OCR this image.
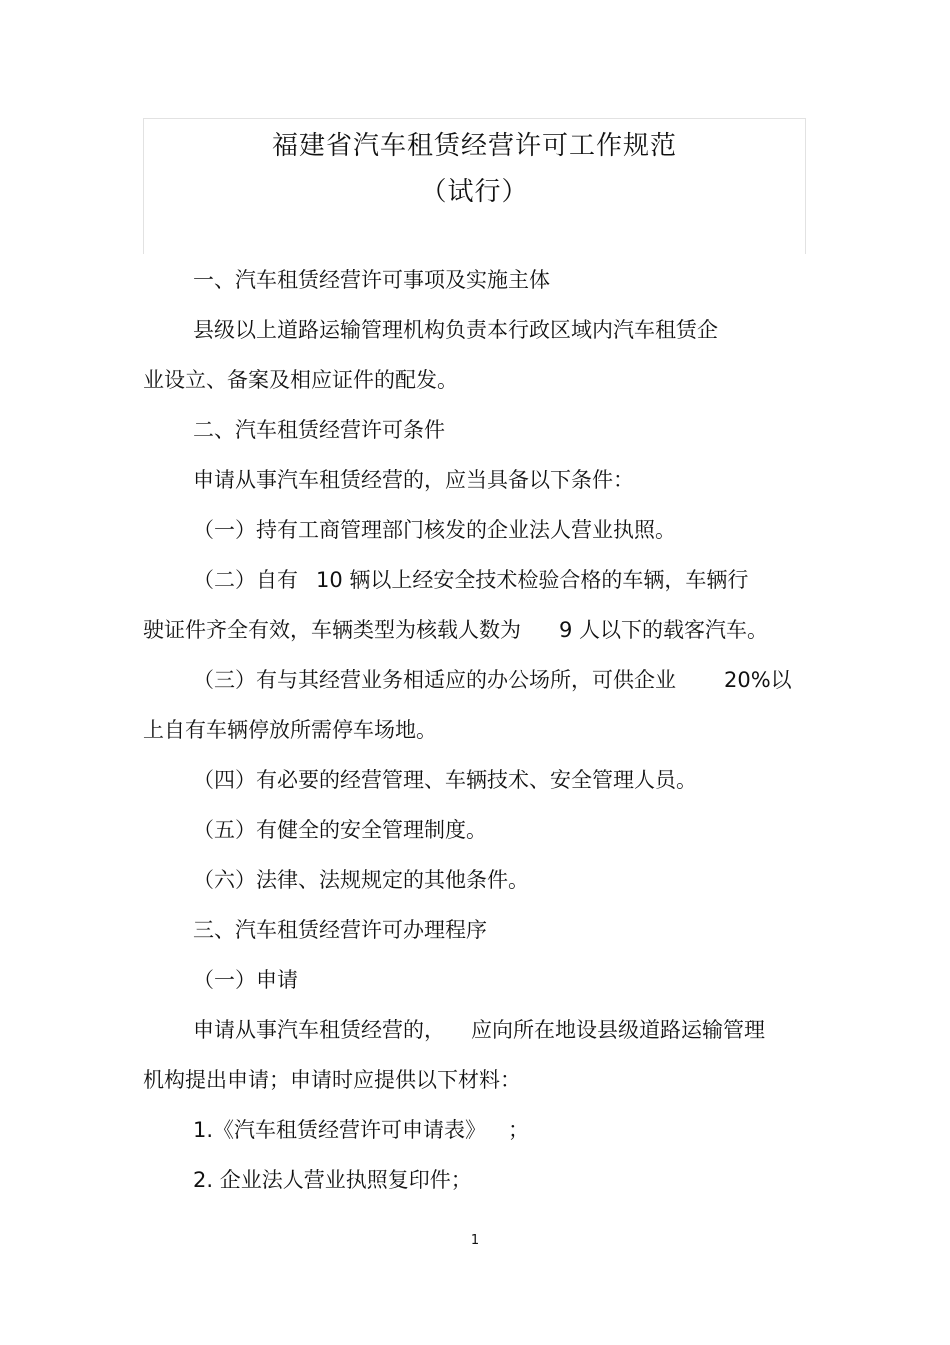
福建省汽车租赁经营许可工作规范
（试行）
一、汽车租赁经营许可事项及实施主体
县级以上道路运输管理机构负责本行政区域内汽车租赁企
业设立、备案及相应证件的配发。
二、汽车租赁经营许可条件
申请从事汽车租赁经营的，应当具备以下条件：
（一）持有工商管理部门核发的企业法人营业执照。
（二）自有 10 辆以上经安全技术检验合格的车辆，车辆行
驶证件齐全有效，车辆类型为核载人数为 9 人以下的载客汽车。
（三）有与其经营业务相适应的办公场所，可供企业 20%以
上自有车辆停放所需停车场地。
（四）有必要的经营管理、车辆技术、安全管理人员。
（五）有健全的安全管理制度。
（六）法律、法规规定的其他条件。
三、汽车租赁经营许可办理程序
（一）申请
申请从事汽车租赁经营的， 应向所在地设县级道路运输管理
机构提出申请；申请时应提供以下材料：
1.《汽车租赁经营许可申请表》 ；
2. 企业法人营业执照复印件；
1
